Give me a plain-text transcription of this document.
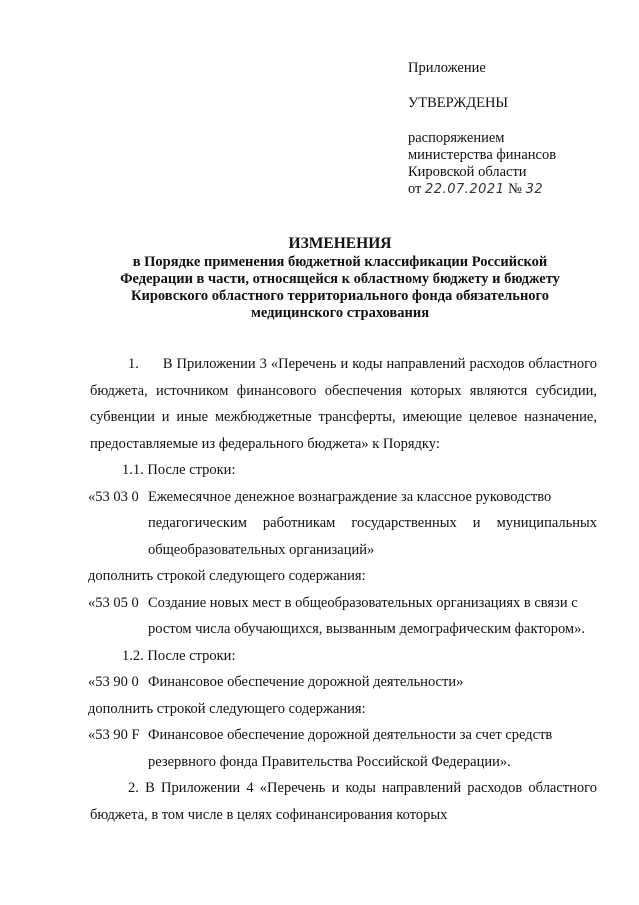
Приложение
УТВЕРЖДЕНЫ
распоряжением
министерства финансов
Кировской области
от 22.07.2021 № 32
ИЗМЕНЕНИЯ
в Порядке применения бюджетной классификации Российской
Федерации в части, относящейся к областному бюджету и бюджету
Кировского областного территориального фонда обязательного
медицинского страхования

1. В Приложении 3 «Перечень и коды направлений расходов областного бюджета, источником финансового обеспечения которых являются субсидии, субвенции и иные межбюджетные трансферты, имеющие целевое назначение, предоставляемые из федерального бюджета» к Порядку:

1.1. После строки:

«53 03 0 Ежемесячное денежное вознаграждение за классное руководство

педагогическим работникам государственных и муниципальных общеобразовательных организаций»

дополнить строкой следующего содержания:

«53 05 0 Создание новых мест в общеобразовательных организациях в связи с

ростом числа обучающихся, вызванным демографическим фактором».

1.2. После строки:

«53 90 0 Финансовое обеспечение дорожной деятельности»

дополнить строкой следующего содержания:

«53 90 F Финансовое обеспечение дорожной деятельности за счет средств

резервного фонда Правительства Российской Федерации».

2. В Приложении 4 «Перечень и коды направлений расходов областного бюджета, в том числе в целях софинансирования которых
